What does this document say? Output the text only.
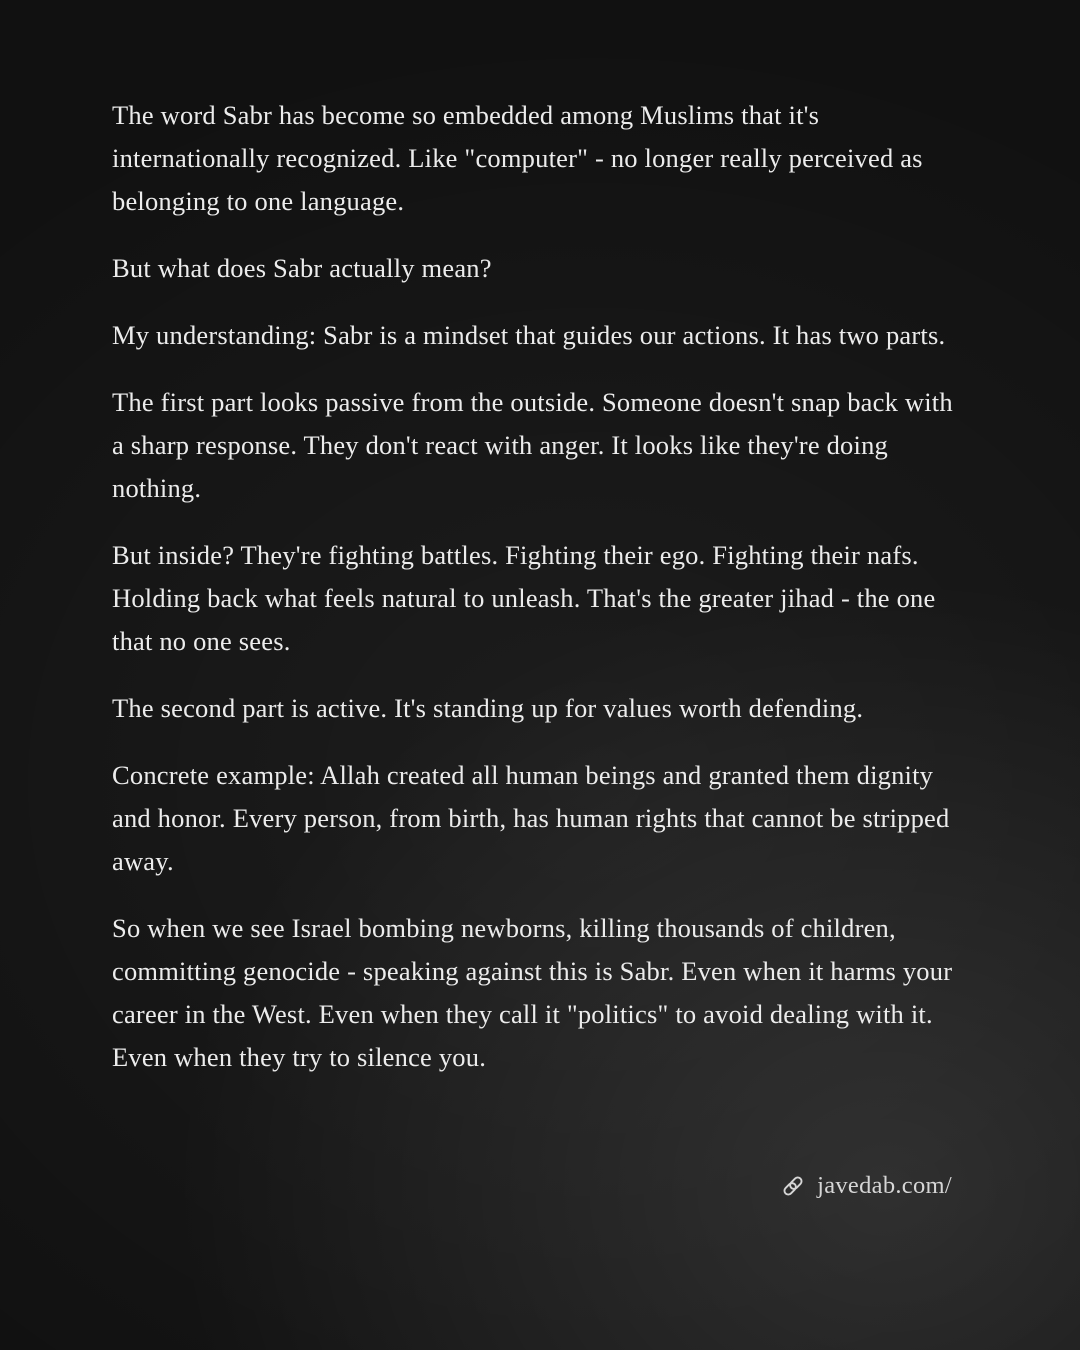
The word Sabr has become so embedded among Muslims that it's internationally recognized. Like "computer" - no longer really perceived as belonging to one language.

But what does Sabr actually mean?

My understanding: Sabr is a mindset that guides our actions. It has two parts.

The first part looks passive from the outside. Someone doesn't snap back with a sharp response. They don't react with anger. It looks like they're doing nothing.

But inside? They're fighting battles. Fighting their ego. Fighting their nafs. Holding back what feels natural to unleash. That's the greater jihad - the one that no one sees.

The second part is active. It's standing up for values worth defending.

Concrete example: Allah created all human beings and granted them dignity and honor. Every person, from birth, has human rights that cannot be stripped away.

So when we see Israel bombing newborns, killing thousands of children, committing genocide - speaking against this is Sabr. Even when it harms your career in the West. Even when they call it "politics" to avoid dealing with it. Even when they try to silence you.

javedab.com/
